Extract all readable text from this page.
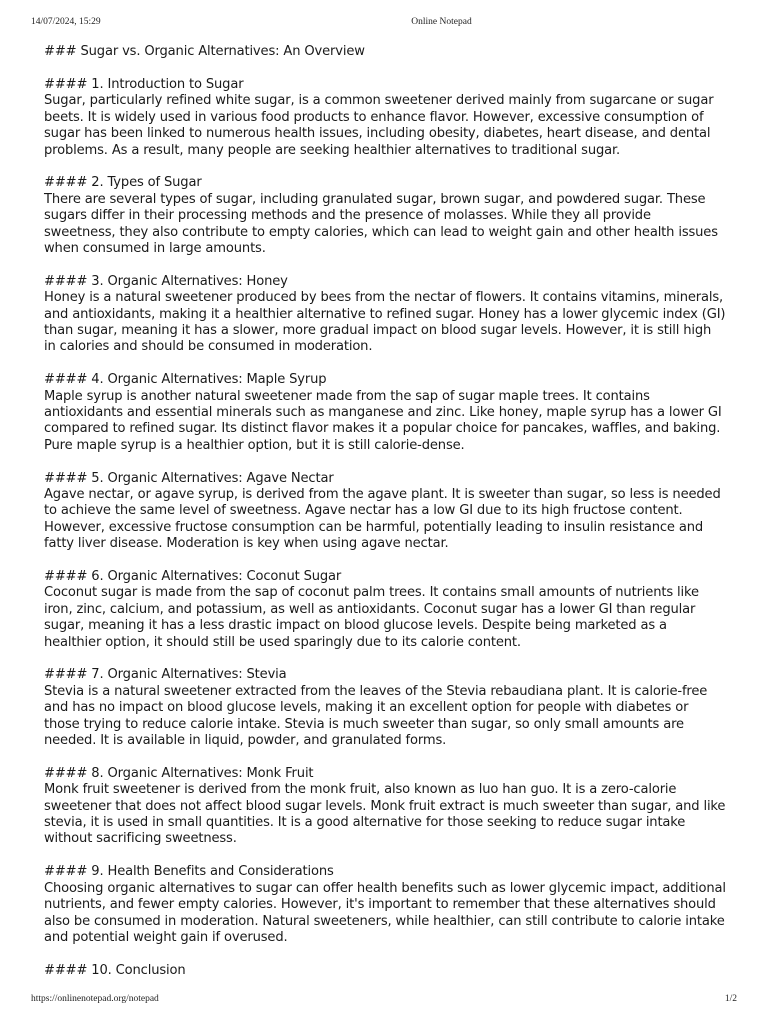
14/07/2024, 15:29	Online Notepad
### Sugar vs. Organic Alternatives: An Overview
#### 1. Introduction to Sugar
Sugar, particularly refined white sugar, is a common sweetener derived mainly from sugarcane or sugar beets. It is widely used in various food products to enhance flavor. However, excessive consumption of sugar has been linked to numerous health issues, including obesity, diabetes, heart disease, and dental problems. As a result, many people are seeking healthier alternatives to traditional sugar.
#### 2. Types of Sugar
There are several types of sugar, including granulated sugar, brown sugar, and powdered sugar. These sugars differ in their processing methods and the presence of molasses. While they all provide sweetness, they also contribute to empty calories, which can lead to weight gain and other health issues when consumed in large amounts.
#### 3. Organic Alternatives: Honey
Honey is a natural sweetener produced by bees from the nectar of flowers. It contains vitamins, minerals, and antioxidants, making it a healthier alternative to refined sugar. Honey has a lower glycemic index (GI) than sugar, meaning it has a slower, more gradual impact on blood sugar levels. However, it is still high in calories and should be consumed in moderation.
#### 4. Organic Alternatives: Maple Syrup
Maple syrup is another natural sweetener made from the sap of sugar maple trees. It contains antioxidants and essential minerals such as manganese and zinc. Like honey, maple syrup has a lower GI compared to refined sugar. Its distinct flavor makes it a popular choice for pancakes, waffles, and baking. Pure maple syrup is a healthier option, but it is still calorie-dense.
#### 5. Organic Alternatives: Agave Nectar
Agave nectar, or agave syrup, is derived from the agave plant. It is sweeter than sugar, so less is needed to achieve the same level of sweetness. Agave nectar has a low GI due to its high fructose content. However, excessive fructose consumption can be harmful, potentially leading to insulin resistance and fatty liver disease. Moderation is key when using agave nectar.
#### 6. Organic Alternatives: Coconut Sugar
Coconut sugar is made from the sap of coconut palm trees. It contains small amounts of nutrients like iron, zinc, calcium, and potassium, as well as antioxidants. Coconut sugar has a lower GI than regular sugar, meaning it has a less drastic impact on blood glucose levels. Despite being marketed as a healthier option, it should still be used sparingly due to its calorie content.
#### 7. Organic Alternatives: Stevia
Stevia is a natural sweetener extracted from the leaves of the Stevia rebaudiana plant. It is calorie-free and has no impact on blood glucose levels, making it an excellent option for people with diabetes or those trying to reduce calorie intake. Stevia is much sweeter than sugar, so only small amounts are needed. It is available in liquid, powder, and granulated forms.
#### 8. Organic Alternatives: Monk Fruit
Monk fruit sweetener is derived from the monk fruit, also known as luo han guo. It is a zero-calorie sweetener that does not affect blood sugar levels. Monk fruit extract is much sweeter than sugar, and like stevia, it is used in small quantities. It is a good alternative for those seeking to reduce sugar intake without sacrificing sweetness.
#### 9. Health Benefits and Considerations
Choosing organic alternatives to sugar can offer health benefits such as lower glycemic impact, additional nutrients, and fewer empty calories. However, it's important to remember that these alternatives should also be consumed in moderation. Natural sweeteners, while healthier, can still contribute to calorie intake and potential weight gain if overused.
#### 10. Conclusion
https://onlinenotepad.org/notepad	1/2
